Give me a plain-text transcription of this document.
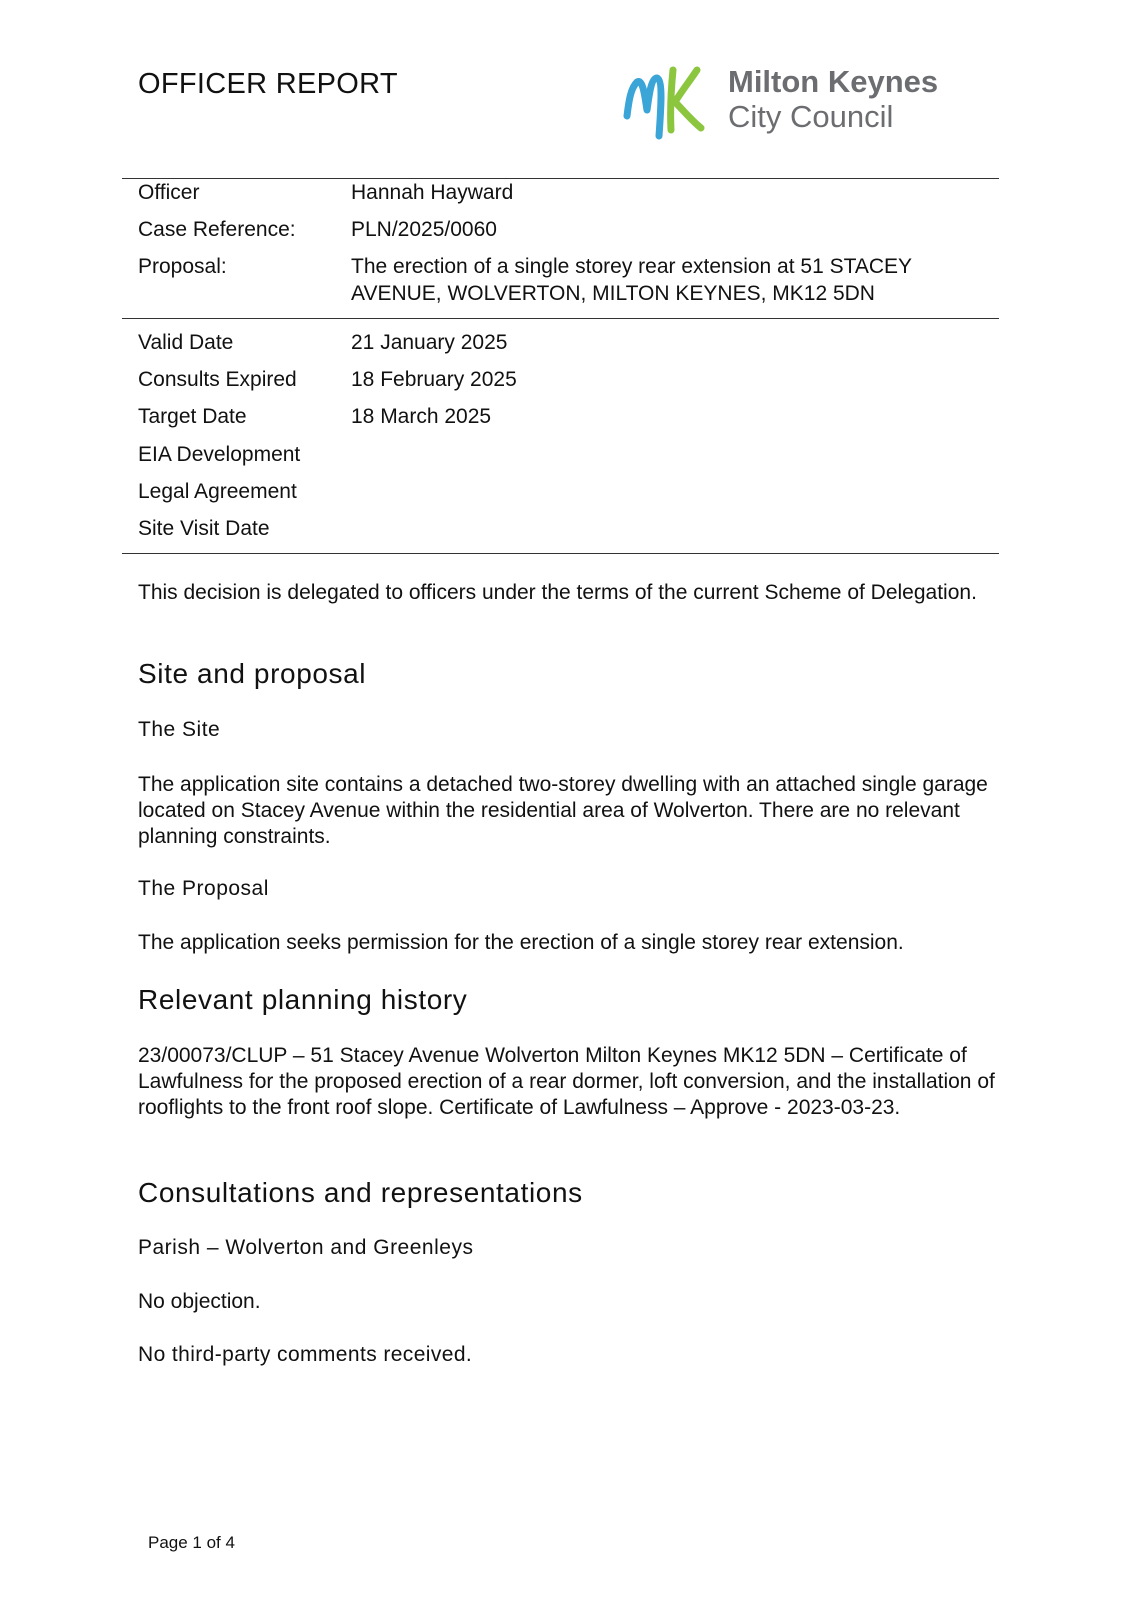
OFFICER REPORT	Milton Keynes
City Council
Officer	Hannah Hayward
Case Reference:	PLN/2025/0060
Proposal:	The erection of a single storey rear extension at 51 STACEY
AVENUE, WOLVERTON, MILTON KEYNES, MK12 5DN
Valid Date	21 January 2025
Consults Expired	18 February 2025
Target Date	18 March 2025
EIA Development
Legal Agreement
Site Visit Date
This decision is delegated to officers under the terms of the current Scheme of Delegation.
Site and proposal
The Site
The application site contains a detached two-storey dwelling with an attached single garage located on Stacey Avenue within the residential area of Wolverton. There are no relevant planning constraints.
The Proposal
The application seeks permission for the erection of a single storey rear extension.
Relevant planning history
23/00073/CLUP – 51 Stacey Avenue Wolverton Milton Keynes MK12 5DN – Certificate of Lawfulness for the proposed erection of a rear dormer, loft conversion, and the installation of rooflights to the front roof slope. Certificate of Lawfulness – Approve - 2023-03-23.
Consultations and representations
Parish – Wolverton and Greenleys
No objection.
No third-party comments received.
Page 1 of 4
